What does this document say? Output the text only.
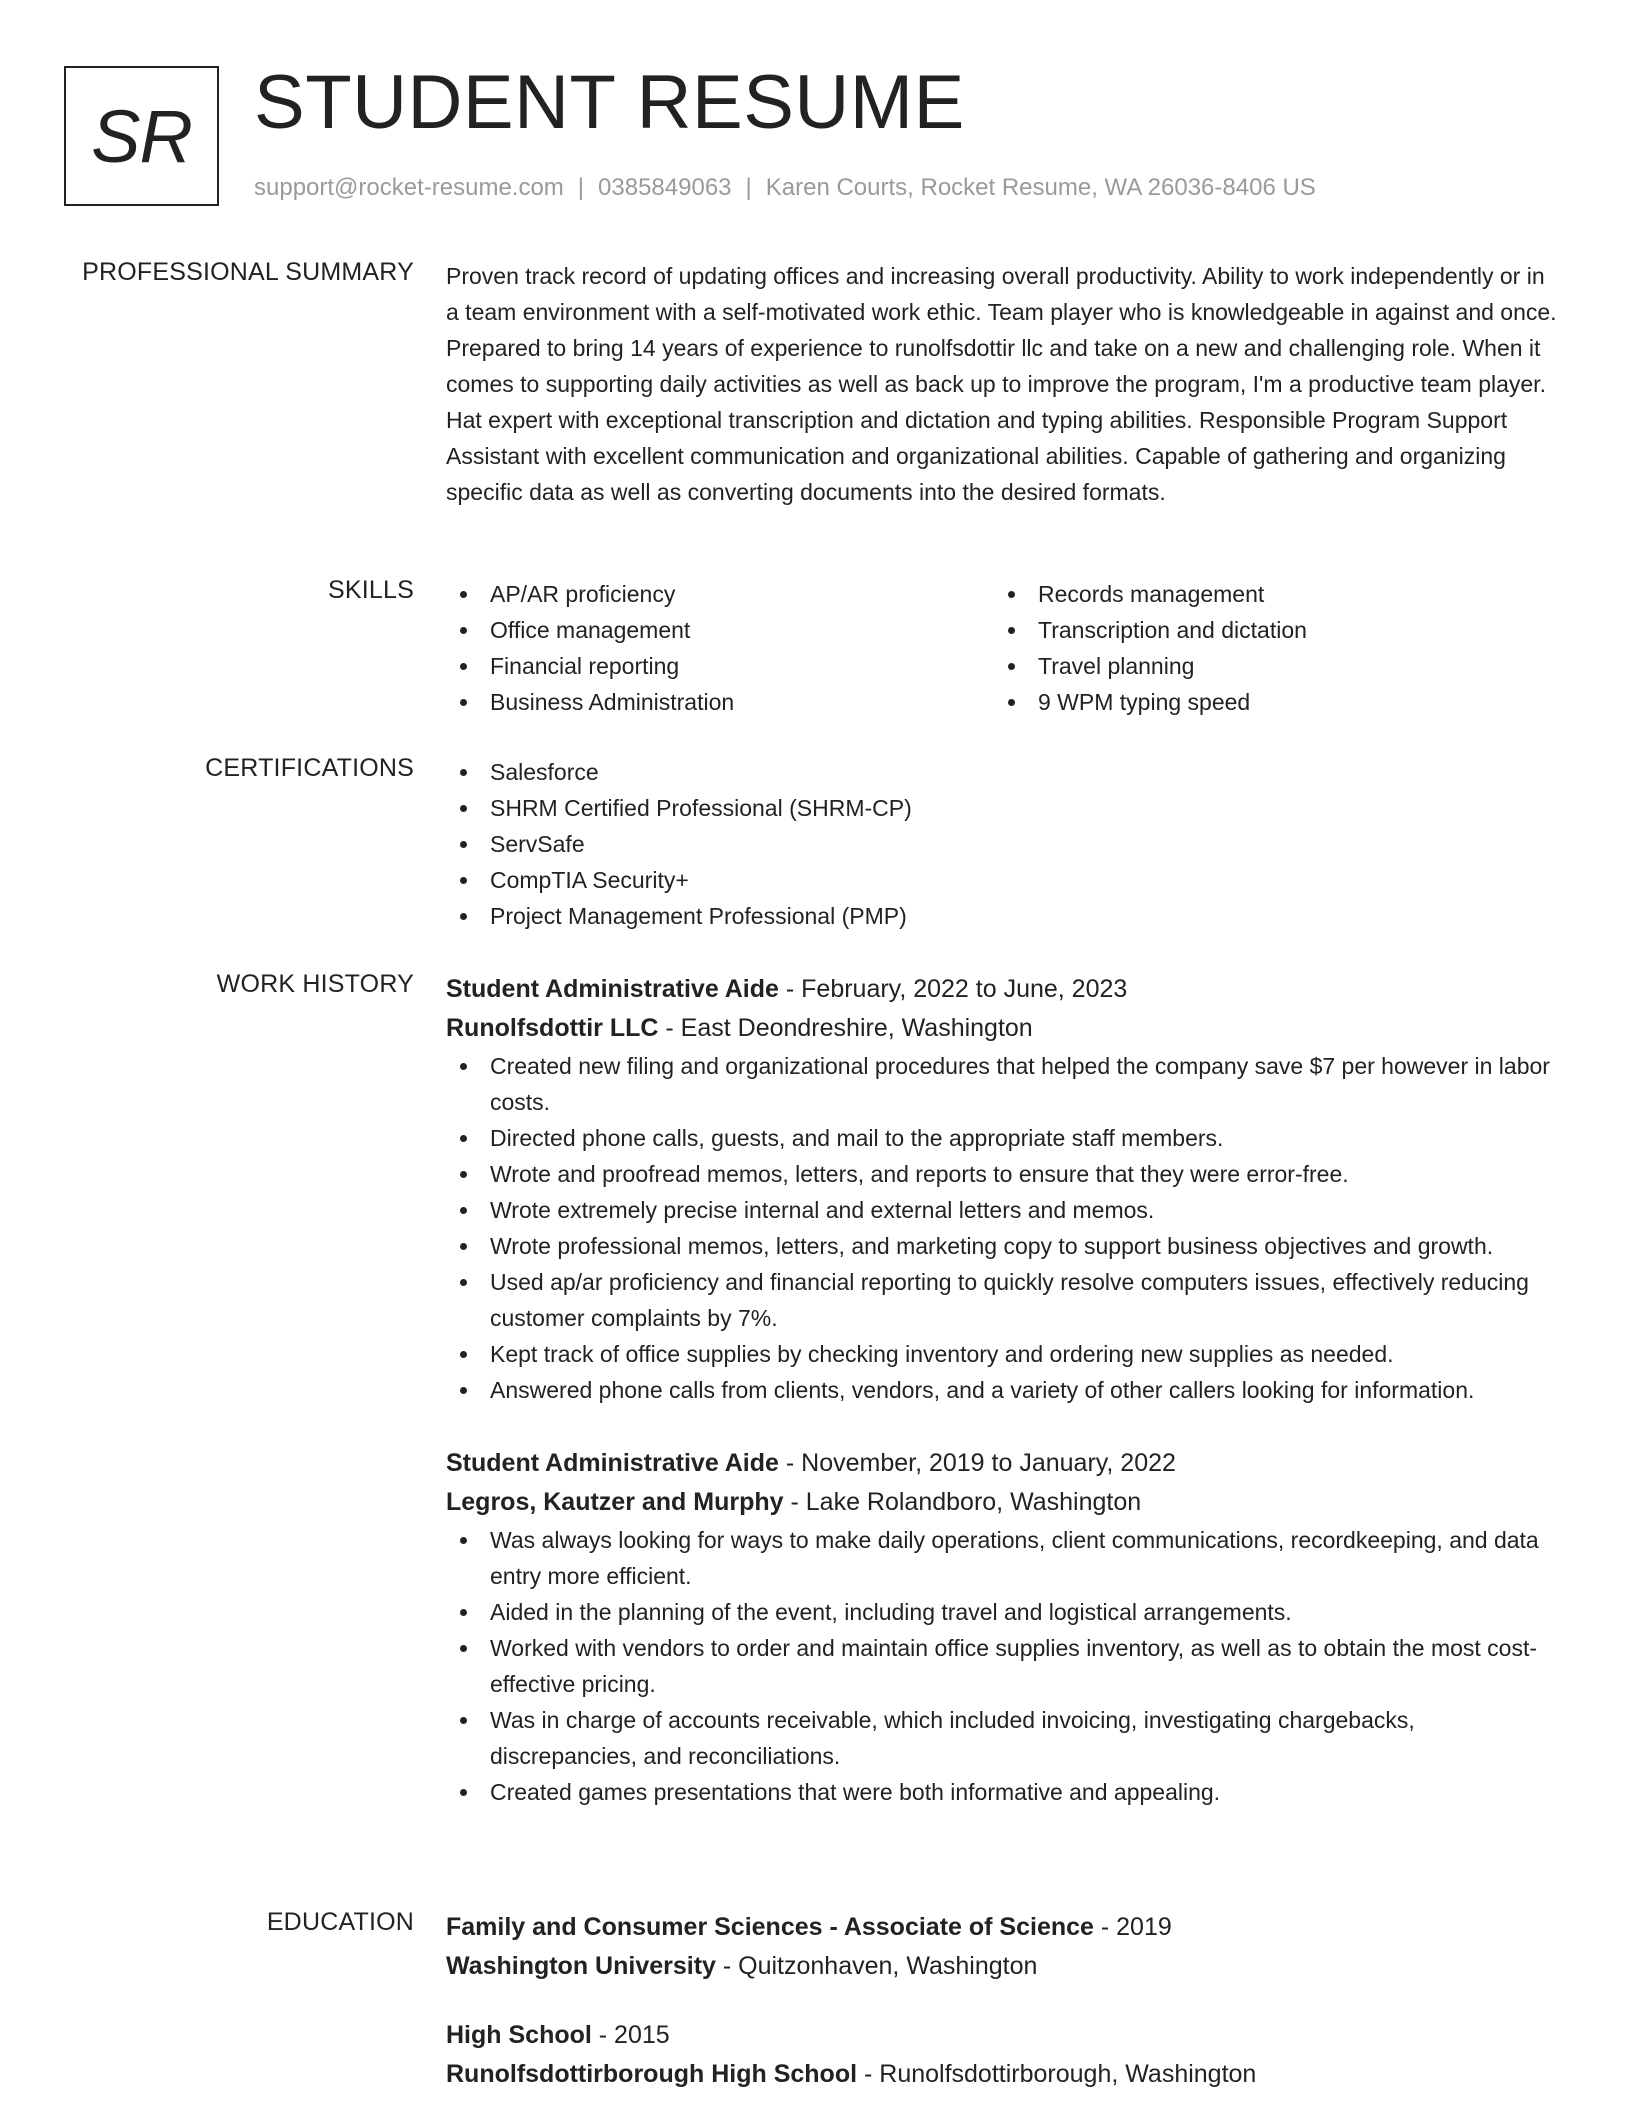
SR STUDENT RESUME
support@rocket-resume.com | 0385849063 | Karen Courts, Rocket Resume, WA 26036-8406 US
PROFESSIONAL SUMMARY Proven track record of updating offices and increasing overall productivity. Ability to work independently or in a team environment with a self-motivated work ethic. Team player who is knowledgeable in against and once. Prepared to bring 14 years of experience to runolfsdottir llc and take on a new and challenging role. When it comes to supporting daily activities as well as back up to improve the program, I'm a productive team player. Hat expert with exceptional transcription and dictation and typing abilities. Responsible Program Support Assistant with excellent communication and organizational abilities. Capable of gathering and organizing specific data as well as converting documents into the desired formats.

SKILLS	AP/AR proficiency
Office management
Financial reporting
Business Administration
Records management
Transcription and dictation
Travel planning
9 WPM typing speed
CERTIFICATIONS	Salesforce
SHRM Certified Professional (SHRM-CP)
ServSafe
CompTIA Security+
Project Management Professional (PMP)
WORK HISTORY Student Administrative Aide - February, 2022 to June, 2023
Runolfsdottir LLC - East Deondreshire, Washington
Created new filing and organizational procedures that helped the company save $7 per however in labor costs.
Directed phone calls, guests, and mail to the appropriate staff members.
Wrote and proofread memos, letters, and reports to ensure that they were error-free.
Wrote extremely precise internal and external letters and memos.
Wrote professional memos, letters, and marketing copy to support business objectives and growth.
Used ap/ar proficiency and financial reporting to quickly resolve computers issues, effectively reducing customer complaints by 7%.
Kept track of office supplies by checking inventory and ordering new supplies as needed.
Answered phone calls from clients, vendors, and a variety of other callers looking for information.
Student Administrative Aide - November, 2019 to January, 2022
Legros, Kautzer and Murphy - Lake Rolandboro, Washington
Was always looking for ways to make daily operations, client communications, recordkeeping, and data entry more efficient.
Aided in the planning of the event, including travel and logistical arrangements.
Worked with vendors to order and maintain office supplies inventory, as well as to obtain the most cost-effective pricing.
Was in charge of accounts receivable, which included invoicing, investigating chargebacks, discrepancies, and reconciliations.
Created games presentations that were both informative and appealing.
EDUCATION Family and Consumer Sciences - Associate of Science - 2019
Washington University - Quitzonhaven, Washington
High School - 2015
Runolfsdottirborough High School - Runolfsdottirborough, Washington
